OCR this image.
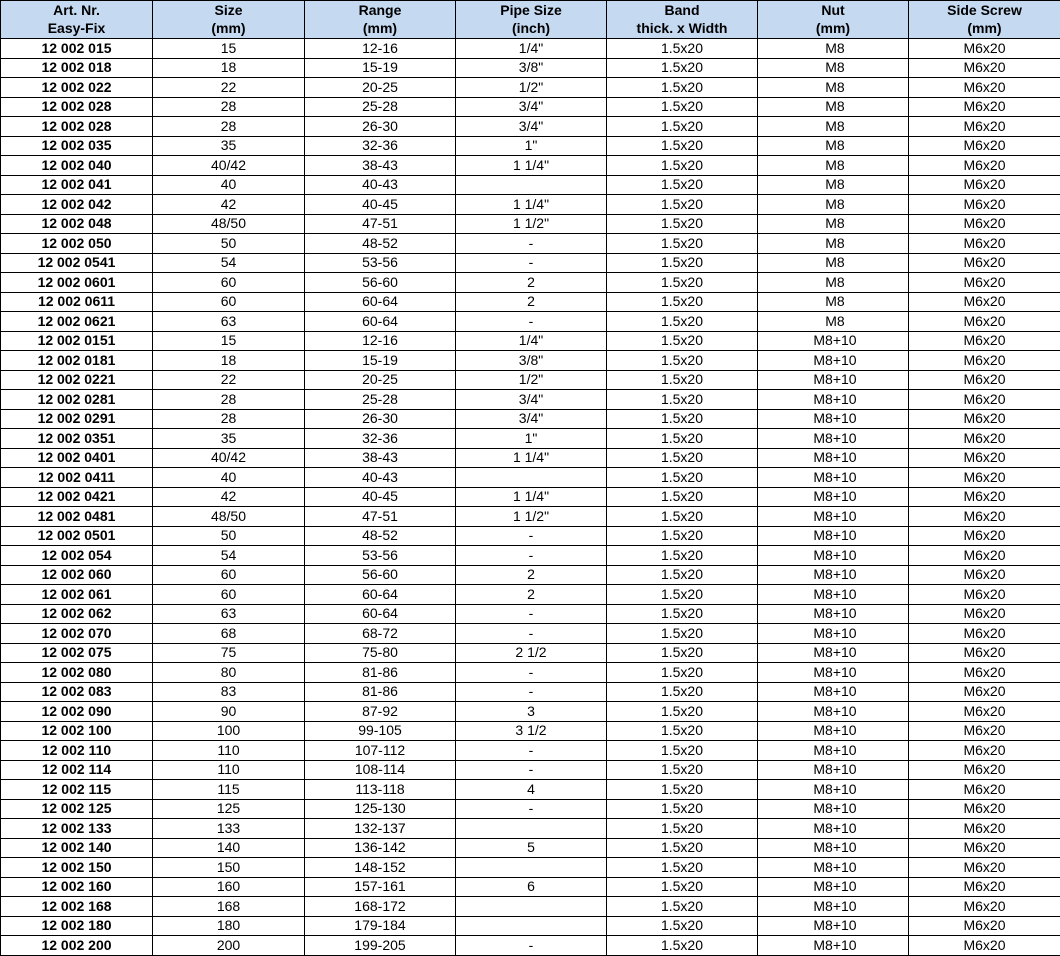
Art. Nr.	Size	Range	Pipe Size	Band	Nut	Side Screw
Easy-Fix	(mm)	(mm)	(inch)	thick. x Width	(mm)	(mm)
12 002 015	15	12-16	1/4"	1.5x20	M8	M6x20
12 002 018	18	15-19	3/8"	1.5x20	M8	M6x20
12 002 022	22	20-25	1/2"	1.5x20	M8	M6x20
12 002 028	28	25-28	3/4"	1.5x20	M8	M6x20
12 002 028	28	26-30	3/4"	1.5x20	M8	M6x20
12 002 035	35	32-36	1"	1.5x20	M8	M6x20
12 002 040	40/42	38-43	1 1/4"	1.5x20	M8	M6x20
12 002 041	40	40-43		1.5x20	M8	M6x20
12 002 042	42	40-45	1 1/4"	1.5x20	M8	M6x20
12 002 048	48/50	47-51	1 1/2"	1.5x20	M8	M6x20
12 002 050	50	48-52	-	1.5x20	M8	M6x20
12 002 0541	54	53-56	-	1.5x20	M8	M6x20
12 002 0601	60	56-60	2	1.5x20	M8	M6x20
12 002 0611	60	60-64	2	1.5x20	M8	M6x20
12 002 0621	63	60-64	-	1.5x20	M8	M6x20
12 002 0151	15	12-16	1/4"	1.5x20	M8+10	M6x20
12 002 0181	18	15-19	3/8"	1.5x20	M8+10	M6x20
12 002 0221	22	20-25	1/2"	1.5x20	M8+10	M6x20
12 002 0281	28	25-28	3/4"	1.5x20	M8+10	M6x20
12 002 0291	28	26-30	3/4"	1.5x20	M8+10	M6x20
12 002 0351	35	32-36	1"	1.5x20	M8+10	M6x20
12 002 0401	40/42	38-43	1 1/4"	1.5x20	M8+10	M6x20
12 002 0411	40	40-43		1.5x20	M8+10	M6x20
12 002 0421	42	40-45	1 1/4"	1.5x20	M8+10	M6x20
12 002 0481	48/50	47-51	1 1/2"	1.5x20	M8+10	M6x20
12 002 0501	50	48-52	-	1.5x20	M8+10	M6x20
12 002 054	54	53-56	-	1.5x20	M8+10	M6x20
12 002 060	60	56-60	2	1.5x20	M8+10	M6x20
12 002 061	60	60-64	2	1.5x20	M8+10	M6x20
12 002 062	63	60-64	-	1.5x20	M8+10	M6x20
12 002 070	68	68-72	-	1.5x20	M8+10	M6x20
12 002 075	75	75-80	2 1/2	1.5x20	M8+10	M6x20
12 002 080	80	81-86	-	1.5x20	M8+10	M6x20
12 002 083	83	81-86	-	1.5x20	M8+10	M6x20
12 002 090	90	87-92	3	1.5x20	M8+10	M6x20
12 002 100	100	99-105	3 1/2	1.5x20	M8+10	M6x20
12 002 110	110	107-112	-	1.5x20	M8+10	M6x20
12 002 114	110	108-114	-	1.5x20	M8+10	M6x20
12 002 115	115	113-118	4	1.5x20	M8+10	M6x20
12 002 125	125	125-130	-	1.5x20	M8+10	M6x20
12 002 133	133	132-137		1.5x20	M8+10	M6x20
12 002 140	140	136-142	5	1.5x20	M8+10	M6x20
12 002 150	150	148-152		1.5x20	M8+10	M6x20
12 002 160	160	157-161	6	1.5x20	M8+10	M6x20
12 002 168	168	168-172		1.5x20	M8+10	M6x20
12 002 180	180	179-184		1.5x20	M8+10	M6x20
12 002 200	200	199-205	-	1.5x20	M8+10	M6x20
